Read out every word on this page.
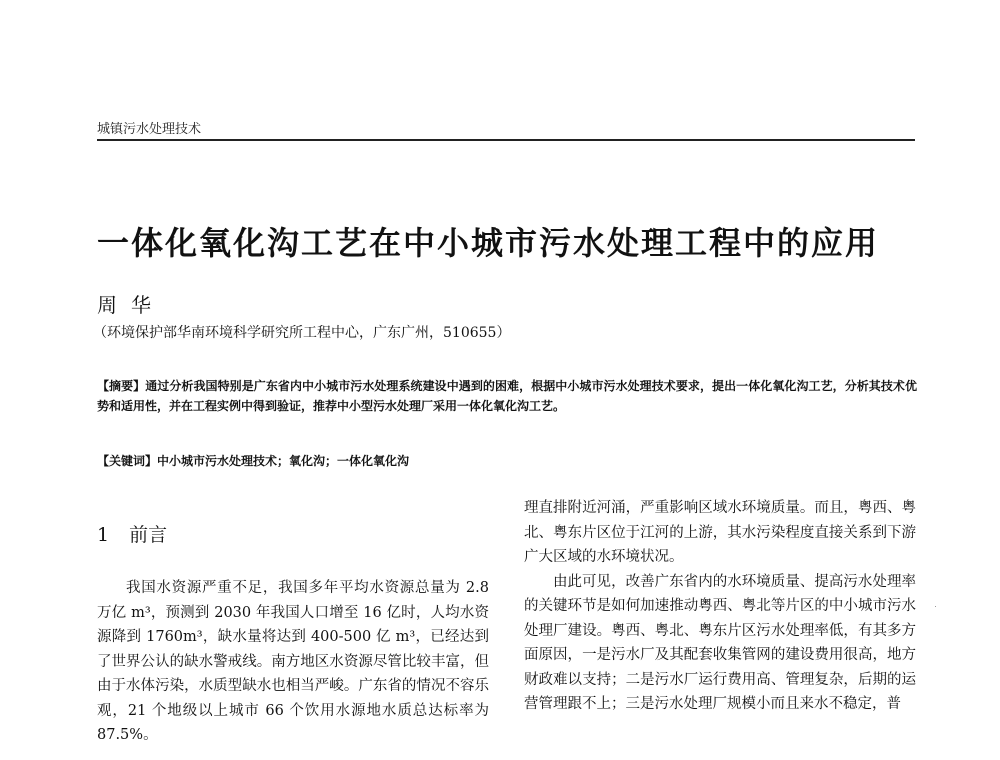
城镇污水处理技术
一体化氧化沟工艺在中小城市污水处理工程中的应用
周华
（环境保护部华南环境科学研究所工程中心，广东广州，510655）
【摘要】通过分析我国特别是广东省内中小城市污水处理系统建设中遇到的困难，根据中小城市污水处理技术要求，提出一体化氧化沟工艺，分析其技术优势和适用性，并在工程实例中得到验证，推荐中小型污水处理厂采用一体化氧化沟工艺。
【关键词】中小城市污水处理技术；氧化沟；一体化氧化沟
1 前言

我国水资源严重不足，我国多年平均水资源总量为 2.8 万亿 m³，预测到 2030 年我国人口增至 16 亿时，人均水资源降到 1760m³，缺水量将达到 400-500 亿 m³，已经达到了世界公认的缺水警戒线。南方地区水资源尽管比较丰富，但由于水体污染，水质型缺水也相当严峻。广东省的情况不容乐观，21 个地级以上城市 66 个饮用水源地水质总达标率为 87.5%。

理直排附近河涌，严重影响区域水环境质量。而且，粤西、粤北、粤东片区位于江河的上游，其水污染程度直接关系到下游广大区域的水环境状况。

由此可见，改善广东省内的水环境质量、提高污水处理率的关键环节是如何加速推动粤西、粤北等片区的中小城市污水处理厂建设。粤西、粤北、粤东片区污水处理率低，有其多方面原因，一是污水厂及其配套收集管网的建设费用很高，地方财政难以支持；二是污水厂运行费用高、管理复杂，后期的运营管理跟不上；三是污水处理厂规模小而且来水不稳定，普
